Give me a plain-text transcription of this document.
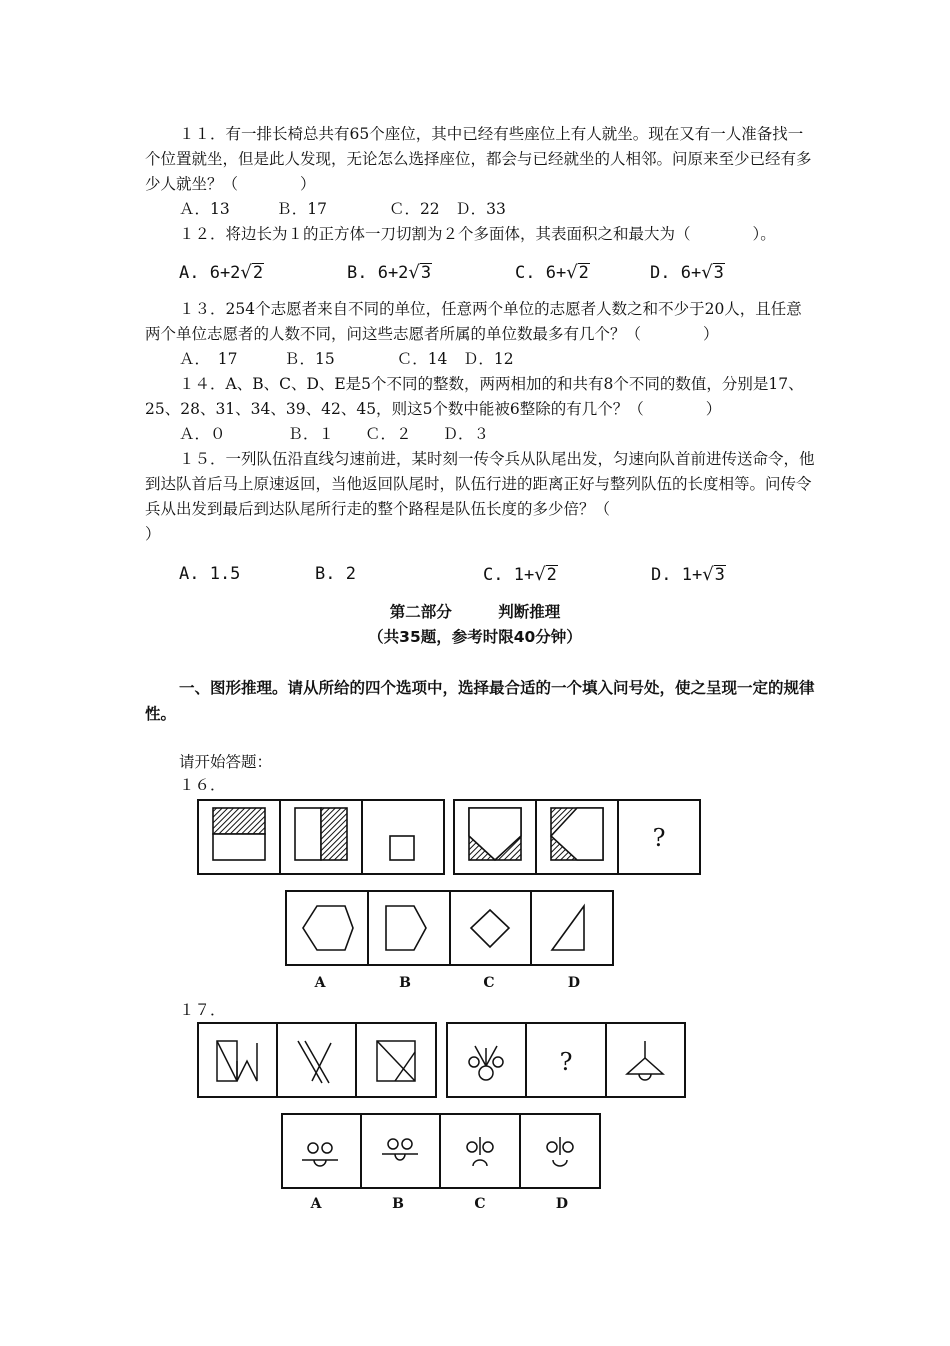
１１．有一排长椅总共有65个座位，其中已经有些座位上有人就坐。现在又有一人准备找一个位置就坐，但是此人发现，无论怎么选择座位，都会与已经就坐的人相邻。问原来至少已经有多少人就坐？（　　　　）

Ａ．13　　　Ｂ．17　　　　Ｃ．22　Ｄ．33

１２．将边长为１的正方体一刀切割为２个多面体，其表面积之和最大为（　　　　）。

A. 6+2√2	B. 6+2√3	C. 6+√2	D. 6+√3

１３．254个志愿者来自不同的单位，任意两个单位的志愿者人数之和不少于20人，且任意两个单位志愿者的人数不同，问这些志愿者所属的单位数最多有几个？（　　　　）

Ａ．　17　　　Ｂ．15　　　　Ｃ．14　Ｄ．12

１４．A、B、C、D、E是5个不同的整数，两两相加的和共有8个不同的数值，分别是17、25、28、31、34、39、42、45，则这5个数中能被6整除的有几个？（　　　　）

Ａ．０　　　　Ｂ．１　　Ｃ．２　　Ｄ．３

１５．一列队伍沿直线匀速前进，某时刻一传令兵从队尾出发，匀速向队首前进传送命令，他到达队首后马上原速返回，当他返回队尾时，队伍行进的距离正好与整列队伍的长度相等。问传令兵从出发到最后到达队尾所行走的整个路程是队伍长度的多少倍？（
）

A. 1.5	B. 2	C. 1+√2	D. 1+√3
第二部分　　　判断推理
（共35题，参考时限40分钟）

一、图形推理。请从所给的四个选项中，选择最合适的一个填入问号处，使之呈现一定的规律性。

请开始答题：
１６．
?
A	B	C	D
?
A	B	C	D
１７．
